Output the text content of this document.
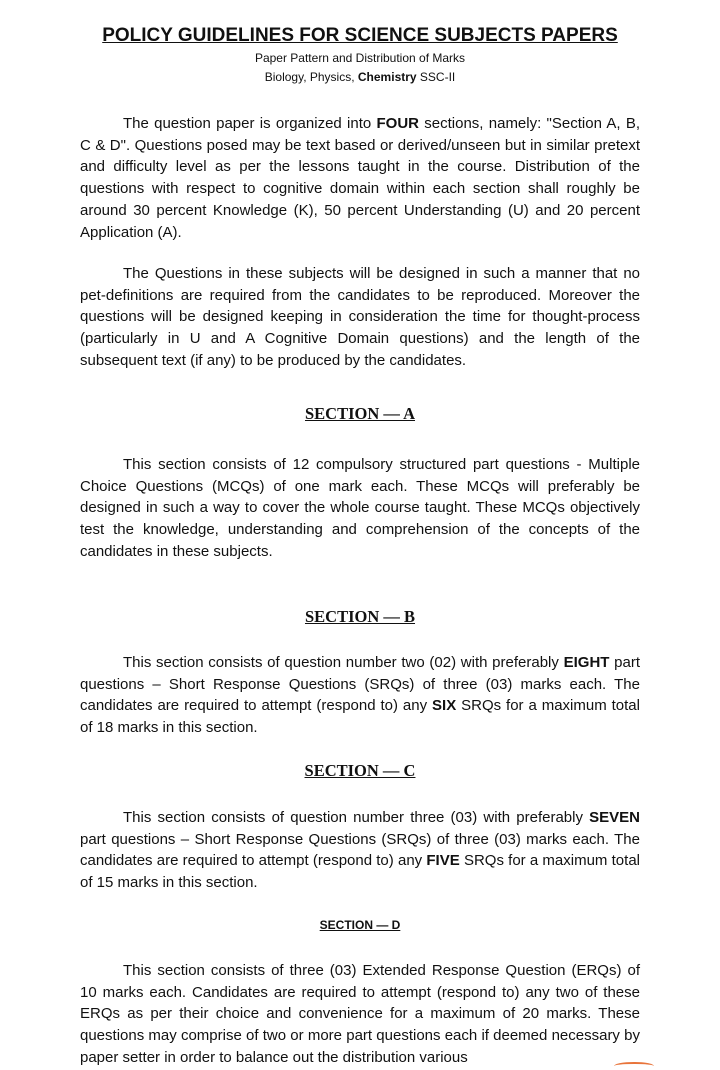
POLICY GUIDELINES FOR SCIENCE SUBJECTS PAPERS
Paper Pattern and Distribution of Marks
Biology, Physics, Chemistry SSC-II

The question paper is organized into FOUR sections, namely: "Section A, B, C & D". Questions posed may be text based or derived/unseen but in similar pretext and difficulty level as per the lessons taught in the course. Distribution of the questions with respect to cognitive domain within each section shall roughly be around 30 percent Knowledge (K), 50 percent Understanding (U) and 20 percent Application (A).

The Questions in these subjects will be designed in such a manner that no pet-definitions are required from the candidates to be reproduced. Moreover the questions will be designed keeping in consideration the time for thought-process (particularly in U and A Cognitive Domain questions) and the length of the subsequent text (if any) to be produced by the candidates.

SECTION — A

This section consists of 12 compulsory structured part questions - Multiple Choice Questions (MCQs) of one mark each. These MCQs will preferably be designed in such a way to cover the whole course taught. These MCQs objectively test the knowledge, understanding and comprehension of the concepts of the candidates in these subjects.

SECTION — B

This section consists of question number two (02) with preferably EIGHT part questions – Short Response Questions (SRQs) of three (03) marks each. The candidates are required to attempt (respond to) any SIX SRQs for a maximum total of 18 marks in this section.

SECTION — C

This section consists of question number three (03) with preferably SEVEN part questions – Short Response Questions (SRQs) of three (03) marks each. The candidates are required to attempt (respond to) any FIVE SRQs for a maximum total of 15 marks in this section.

SECTION — D

This section consists of three (03) Extended Response Question (ERQs) of 10 marks each. Candidates are required to attempt (respond to) any two of these ERQs as per their choice and convenience for a maximum of 20 marks. These questions may comprise of two or more part questions each if deemed necessary by paper setter in order to balance out the distribution various
